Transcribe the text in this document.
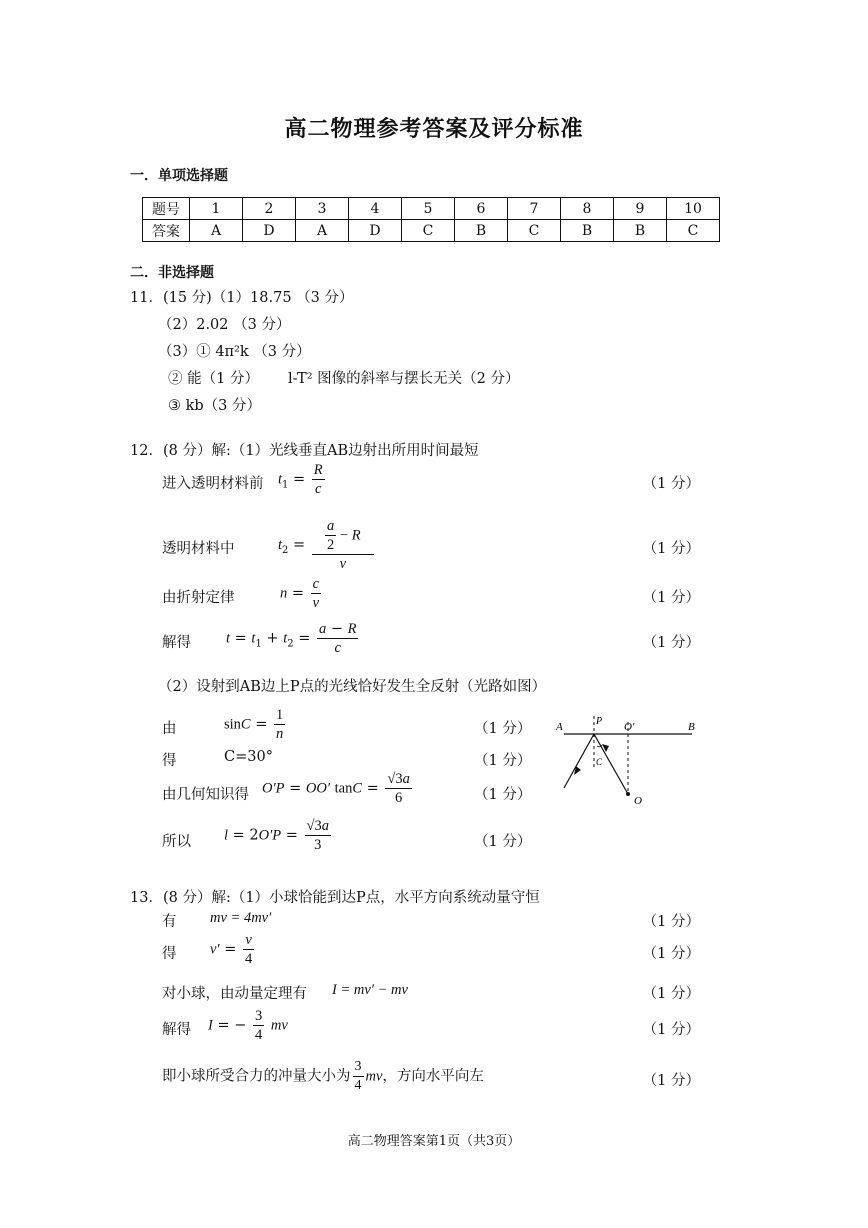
高二物理参考答案及评分标准
一．单项选择题
题号	1	2	3	4	5	6	7	8	9	10
答案	A	D	A	D	C	B	C	B	B	C
二．非选择题
11．(15 分)（1）18.75 （3 分）
（2）2.02 （3 分）
（3）① 4π²k （3 分）
② 能（1 分） l-T² 图像的斜率与摆长无关（2 分）
③ kb（3 分）
12．(8 分）解:（1）光线垂直AB边射出所用时间最短
进入透明材料前 $t_1 = \frac{R}{c}$	（1 分）
透明材料中	$t_2 = \frac{\frac{a}{2} - R}{v}$	（1 分）
由折射定律	$n = \frac{c}{v}$	（1 分）
解得 $t = t_1 + t_2 = \frac{a - R}{c}$	（1 分）
（2）设射到AB边上P点的光线恰好发生全反射（光路如图）
由	$\sin C = \frac{1}{n}$	（1 分）
得	C=30°	（1 分）
由几何知识得 O′P = OO′ $\tan C = \frac{√3a}{6}$	（1 分）
所以 $l = 2O'P = \frac{√3a}{3}$	（1 分）
A	P O′	B
O
C
13．(8 分）解:（1）小球恰能到达P点，水平方向系统动量守恒
有 mv = 4mv′	（1 分）
得 $v' = \frac{v}{4}$	（1 分）
对小球，由动量定理有 I = mv′ − mv	（1 分）
解得 I = − $\frac{3}{4}$ mv	（1 分）
即小球所受合力的冲量大小为 $\frac{3}{4}$ mv，方向水平向左	（1 分）
高二物理答案第1页（共3页）
